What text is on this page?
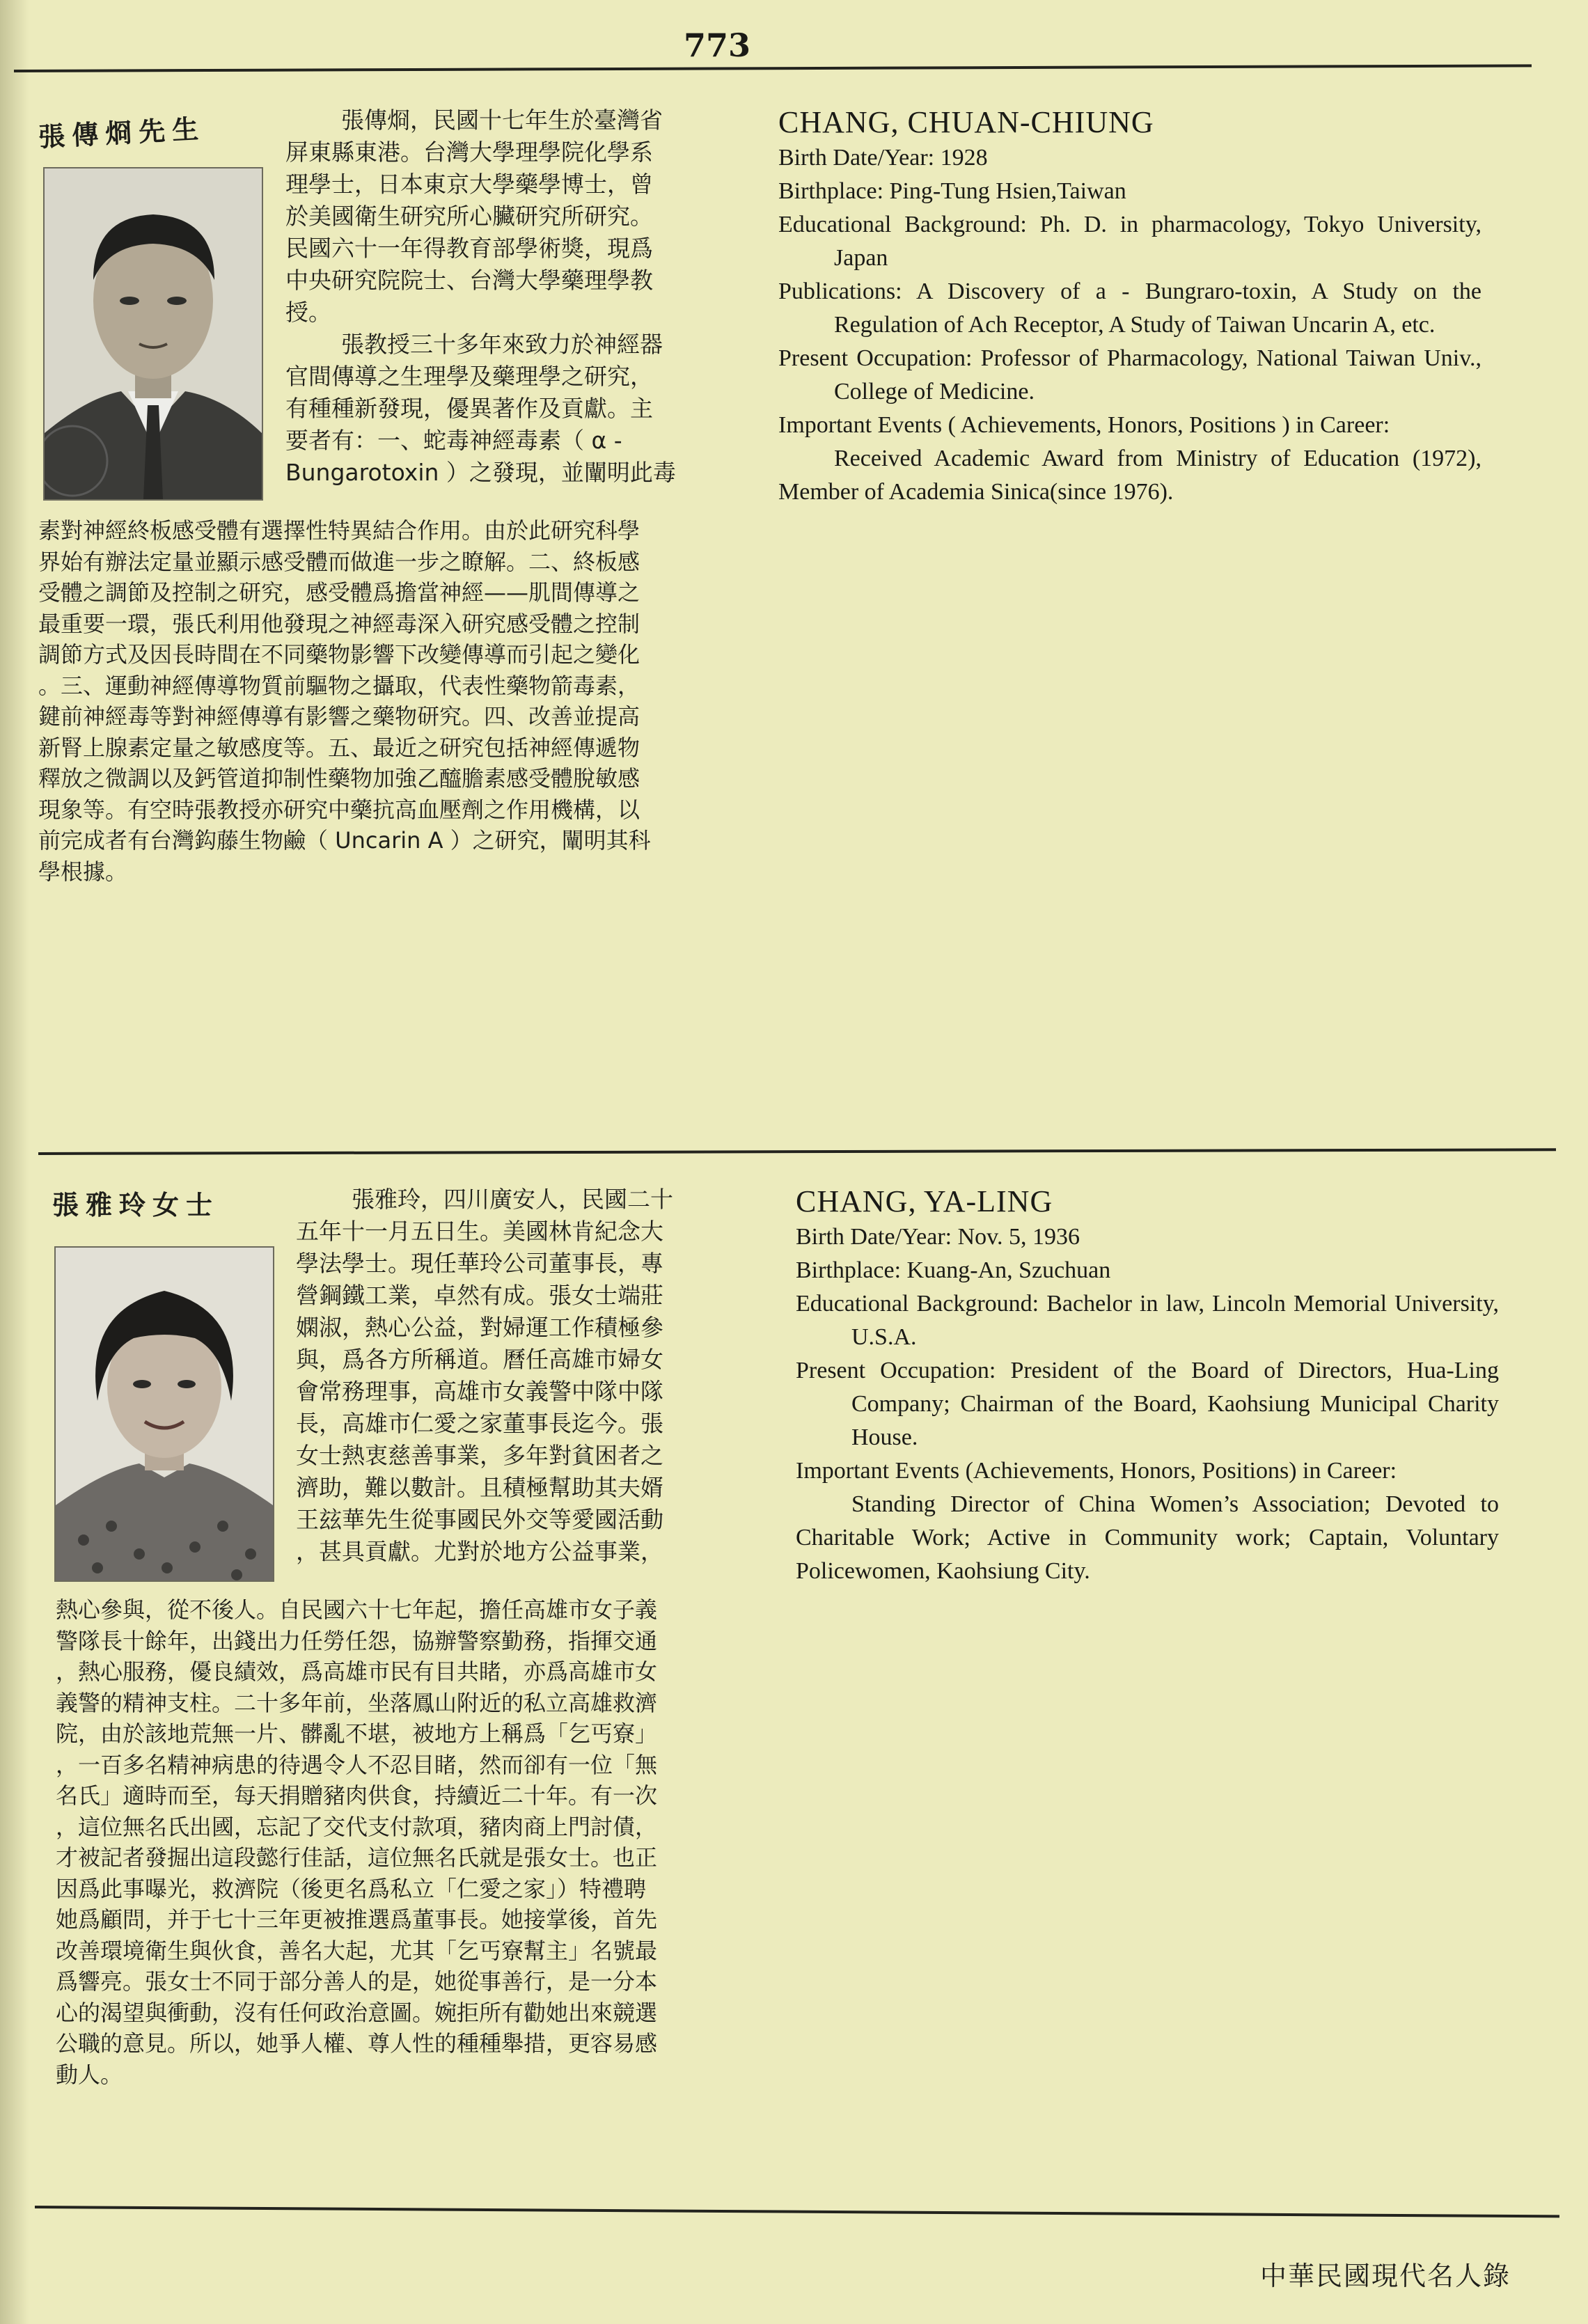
773
張傳烱先生	張傳烱，民國十七年生於臺灣省

屏東縣東港。台灣大學理學院化學系

理學士，日本東京大學藥學博士，曾

於美國衛生研究所心臟研究所研究。

民國六十一年得教育部學術獎，現爲

中央研究院院士、台灣大學藥理學教

授。

張教授三十多年來致力於神經器

官間傳導之生理學及藥理學之研究，

有種種新發現，優異著作及貢獻。主

要者有：一、蛇毒神經毒素（ α -

Bungarotoxin ）之發現，並闡明此毒

素對神經終板感受體有選擇性特異結合作用。由於此研究科學

界始有辦法定量並顯示感受體而做進一步之瞭解。二、終板感

受體之調節及控制之研究，感受體爲擔當神經——肌間傳導之

最重要一環，張氏利用他發現之神經毒深入研究感受體之控制

調節方式及因長時間在不同藥物影響下改變傳導而引起之變化

。三、運動神經傳導物質前驅物之攝取，代表性藥物箭毒素，

鍵前神經毒等對神經傳導有影響之藥物研究。四、改善並提高

新腎上腺素定量之敏感度等。五、最近之研究包括神經傳遞物

釋放之微調以及鈣管道抑制性藥物加強乙醯膽素感受體脫敏感

現象等。有空時張教授亦研究中藥抗高血壓劑之作用機構，以

前完成者有台灣鈎藤生物鹼（ Uncarin A ）之研究，闡明其科

學根據。

CHANG, CHUAN-CHIUNG

Birth Date/Year: 1928

Birthplace: Ping-Tung Hsien,Taiwan

Educational Background: Ph. D. in pharmacology, Tokyo University, Japan

Publications: A Discovery of a - Bungraro-toxin, A Study on the Regulation of Ach Receptor, A Study of Taiwan Uncarin A, etc.

Present Occupation: Professor of Pharmacology, National Taiwan Univ., College of Medicine.

Important Events ( Achievements, Honors, Positions ) in Career:

Received Academic Award from Ministry of Education (1972), Member of Academia Sinica(since 1976).

張雅玲女士	張雅玲，四川廣安人，民國二十

五年十一月五日生。美國林肯紀念大

學法學士。現任華玲公司董事長，專

營鋼鐵工業，卓然有成。張女士端莊

嫻淑，熱心公益，對婦運工作積極參

與，爲各方所稱道。曆任高雄市婦女

會常務理事，高雄市女義警中隊中隊

長，高雄市仁愛之家董事長迄今。張

女士熱衷慈善事業，多年對貧困者之

濟助，難以數計。且積極幫助其夫婿

王玆華先生從事國民外交等愛國活動

，甚具貢獻。尤對於地方公益事業，

熱心參與，從不後人。自民國六十七年起，擔任高雄市女子義

警隊長十餘年，出錢出力任勞任怨，協辦警察勤務，指揮交通

，熱心服務，優良績效，爲高雄市民有目共睹，亦爲高雄市女

義警的精神支柱。二十多年前，坐落鳳山附近的私立高雄救濟

院，由於該地荒無一片、髒亂不堪，被地方上稱爲「乞丐寮」

，一百多名精神病患的待遇令人不忍目睹，然而卻有一位「無

名氏」適時而至，每天捐贈豬肉供食，持續近二十年。有一次

，這位無名氏出國，忘記了交代支付款項，豬肉商上門討債，

才被記者發掘出這段懿行佳話，這位無名氏就是張女士。也正

因爲此事曝光，救濟院（後更名爲私立「仁愛之家」）特禮聘

她爲顧問，并于七十三年更被推選爲董事長。她接掌後，首先

改善環境衛生與伙食，善名大起，尤其「乞丐寮幫主」名號最

爲響亮。張女士不同于部分善人的是，她從事善行，是一分本

心的渴望與衝動，沒有任何政治意圖。婉拒所有勸她出來競選

公職的意見。所以，她爭人權、尊人性的種種舉措，更容易感

動人。

CHANG, YA-LING

Birth Date/Year: Nov. 5, 1936

Birthplace: Kuang-An, Szuchuan

Educational Background: Bachelor in law, Lincoln Memorial University, U.S.A.

Present Occupation: President of the Board of Directors, Hua-Ling Company; Chairman of the Board, Kaohsiung Municipal Charity House.

Important Events (Achievements, Honors, Positions) in Career:

Standing Director of China Women’s Association; Devoted to Charitable Work; Active in Community work; Captain, Voluntary Policewomen, Kaohsiung City.

中華民國現代名人錄
